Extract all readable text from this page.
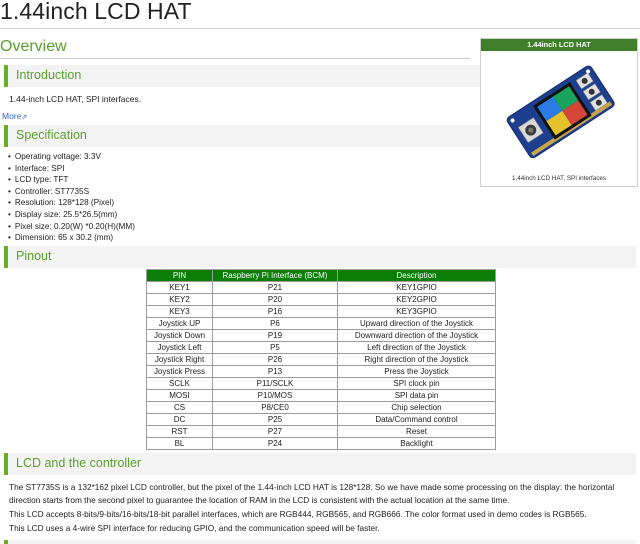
1.44inch LCD HAT
Overview
Introduction
1.44-inch LCD HAT, SPI interfaces.
More⇗
Specification
• Operating voltage: 3.3V
• Interface: SPI
• LCD type: TFT
• Controller: ST7735S
• Resolution: 128*128 (Pixel)
• Display size: 25.5*26.5(mm)
• Pixel size: 0.20(W) *0.20(H)(MM)
• Dimension: 65 x 30.2 (mm)
1.44inch LCD HAT
1.44inch LCD HAT, SPI interfaces
Pinout
PIN	Raspberry Pi Interface (BCM)	Description
KEY1	P21	KEY1GPIO
KEY2	P20	KEY2GPIO
KEY3	P16	KEY3GPIO
Joystick UP	P6	Upward direction of the Joystick
Joystick Down	P19	Downward direction of the Joystick
Joystick Left	P5	Left direction of the Joystick
Joystick Right	P26	Right direction of the Joystick
Joystick Press	P13	Press the Joystick
SCLK	P11/SCLK	SPI clock pin
MOSI	P10/MOS	SPI data pin
CS	P8/CE0	Chip selection
DC	P25	Data/Command control
RST	P27	Reset
BL	P24	Backlight
LCD and the controller
The ST7735S is a 132*162 pixel LCD controller, but the pixel of the 1.44-inch LCD HAT is 128*128. So we have made some processing on the display: the horizontal
direction starts from the second pixel to guarantee the location of RAM in the LCD is consistent with the actual location at the same time.
This LCD accepts 8-bits/9-bits/16-bits/18-bit parallel interfaces, which are RGB444, RGB565, and RGB666. The color format used in demo codes is RGB565.
This LCD uses a 4-wire SPI interface for reducing GPIO, and the communication speed will be faster.
